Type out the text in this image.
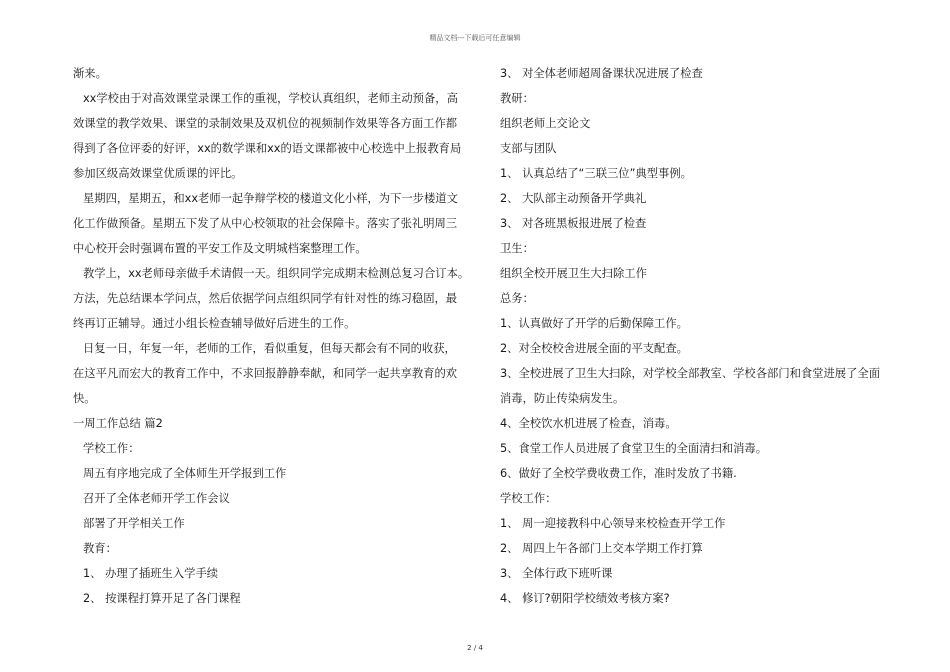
精品文档---下载后可任意编辑
渐来。
xx学校由于对高效课堂录课工作的重视，学校认真组织，老师主动预备，高
效课堂的教学效果、课堂的录制效果及双机位的视频制作效果等各方面工作都
得到了各位评委的好评，xx的数学课和xx的语文课都被中心校选中上报教育局
参加区级高效课堂优质课的评比。
星期四，星期五，和xx老师一起争辩学校的楼道文化小样，为下一步楼道文
化工作做预备。星期五下发了从中心校领取的社会保障卡。落实了张礼明周三
中心校开会时强调布置的平安工作及文明城档案整理工作。
教学上，xx老师母亲做手术请假一天。组织同学完成期末检测总复习合订本。
方法，先总结课本学问点，然后依据学问点组织同学有针对性的练习稳固，最
终再订正辅导。通过小组长检查辅导做好后进生的工作。
日复一日，年复一年，老师的工作，看似重复，但每天都会有不同的收获，
在这平凡而宏大的教育工作中，不求回报静静奉献，和同学一起共享教育的欢
快。
一周工作总结 篇2
学校工作：
周五有序地完成了全体师生开学报到工作
召开了全体老师开学工作会议
部署了开学相关工作
教育：
1、 办理了插班生入学手续
2、 按课程打算开足了各门课程
3、 对全体老师超周备课状况进展了检查
教研：
组织老师上交论文
支部与团队
1、 认真总结了“三联三位”典型事例。
2、 大队部主动预备开学典礼
3、 对各班黑板报进展了检查
卫生：
组织全校开展卫生大扫除工作
总务：
1、认真做好了开学的后勤保障工作。
2、对全校校舍进展全面的平支配查。
3、全校进展了卫生大扫除，对学校全部教室、学校各部门和食堂进展了全面
消毒，防止传染病发生。
4、全校饮水机进展了检查，消毒。
5、食堂工作人员进展了食堂卫生的全面清扫和消毒。
6、做好了全校学费收费工作，准时发放了书籍.
学校工作：
1、 周一迎接教科中心领导来校检查开学工作
2、 周四上午各部门上交本学期工作打算
3、 全体行政下班听课
4、 修订?朝阳学校绩效考核方案?
2 / 4
